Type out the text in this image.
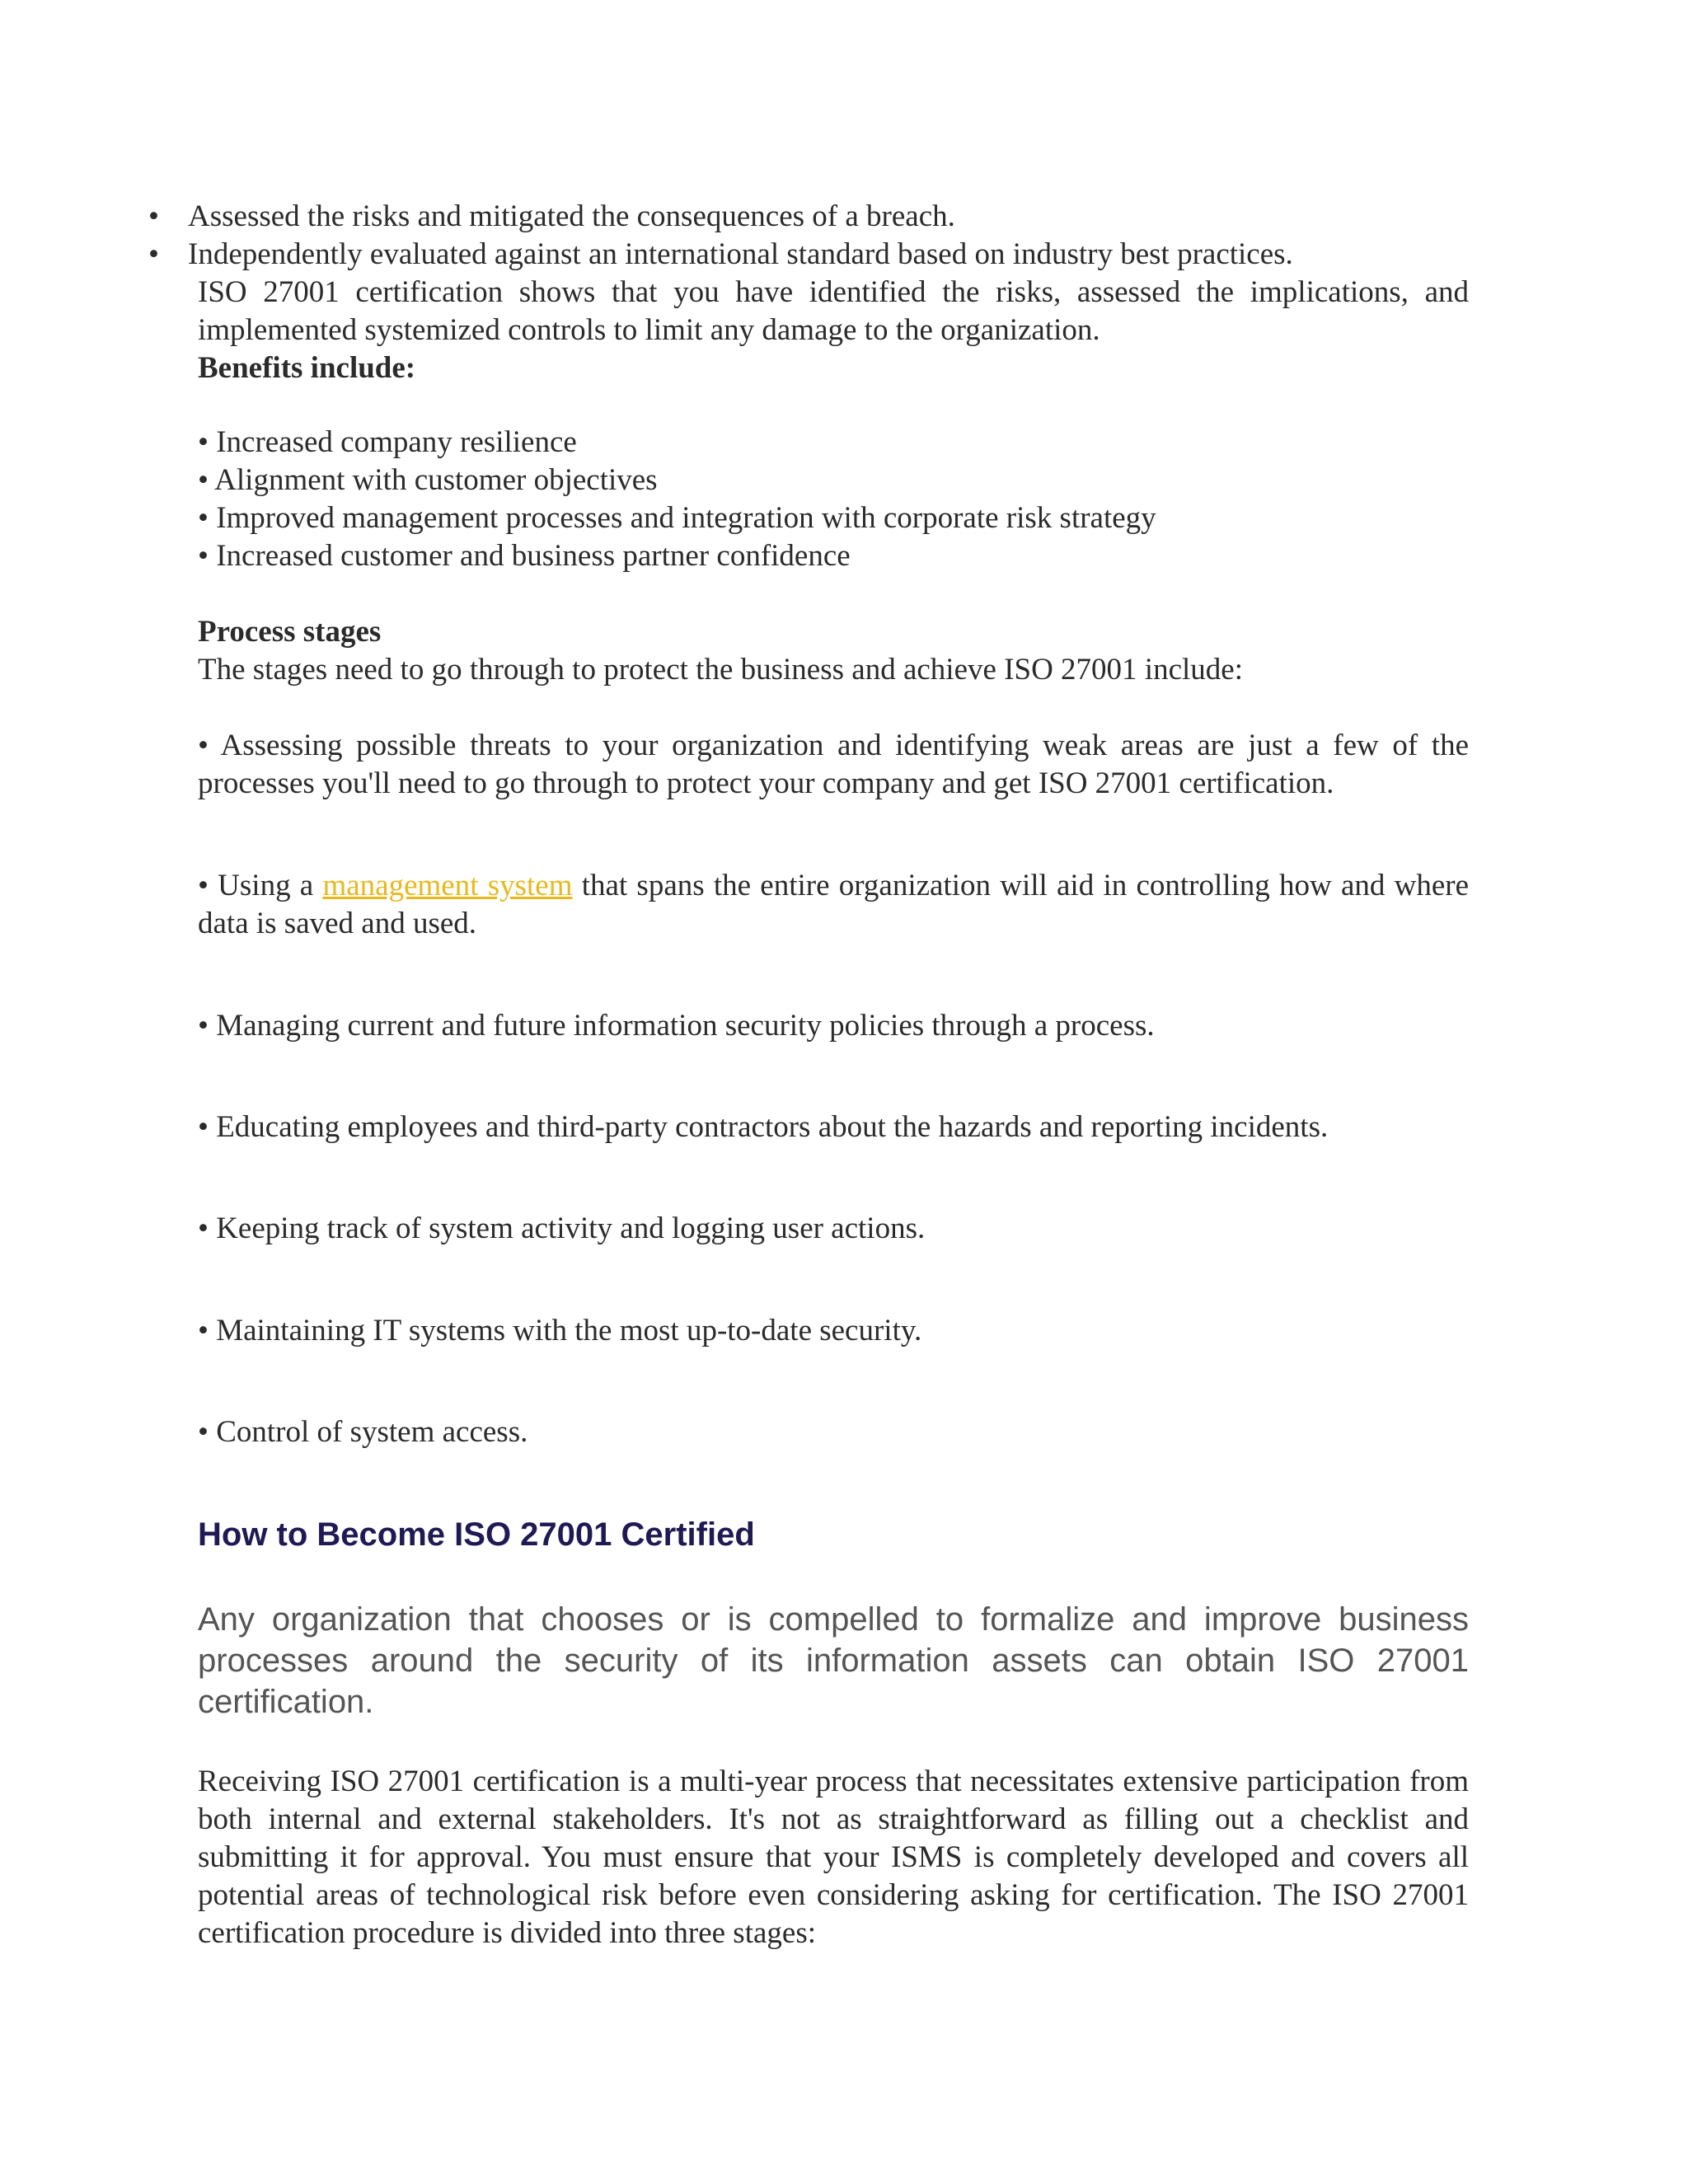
• Assessed the risks and mitigated the consequences of a breach.
• Independently evaluated against an international standard based on industry best practices.

ISO 27001 certification shows that you have identified the risks, assessed the implications, and implemented systemized controls to limit any damage to the organization.

Benefits include:
• Increased company resilience
• Alignment with customer objectives
• Improved management processes and integration with corporate risk strategy
• Increased customer and business partner confidence
Process stages

The stages need to go through to protect the business and achieve ISO 27001 include:

• Assessing possible threats to your organization and identifying weak areas are just a few of the processes you'll need to go through to protect your company and get ISO 27001 certification.

• Using a management system that spans the entire organization will aid in controlling how and where data is saved and used.

• Managing current and future information security policies through a process.

• Educating employees and third-party contractors about the hazards and reporting incidents.

• Keeping track of system activity and logging user actions.

• Maintaining IT systems with the most up-to-date security.

• Control of system access.

How to Become ISO 27001 Certified

Any organization that chooses or is compelled to formalize and improve business processes around the security of its information assets can obtain ISO 27001 certification.

Receiving ISO 27001 certification is a multi-year process that necessitates extensive participation from both internal and external stakeholders. It's not as straightforward as filling out a checklist and submitting it for approval. You must ensure that your ISMS is completely developed and covers all potential areas of technological risk before even considering asking for certification. The ISO 27001 certification procedure is divided into three stages:
